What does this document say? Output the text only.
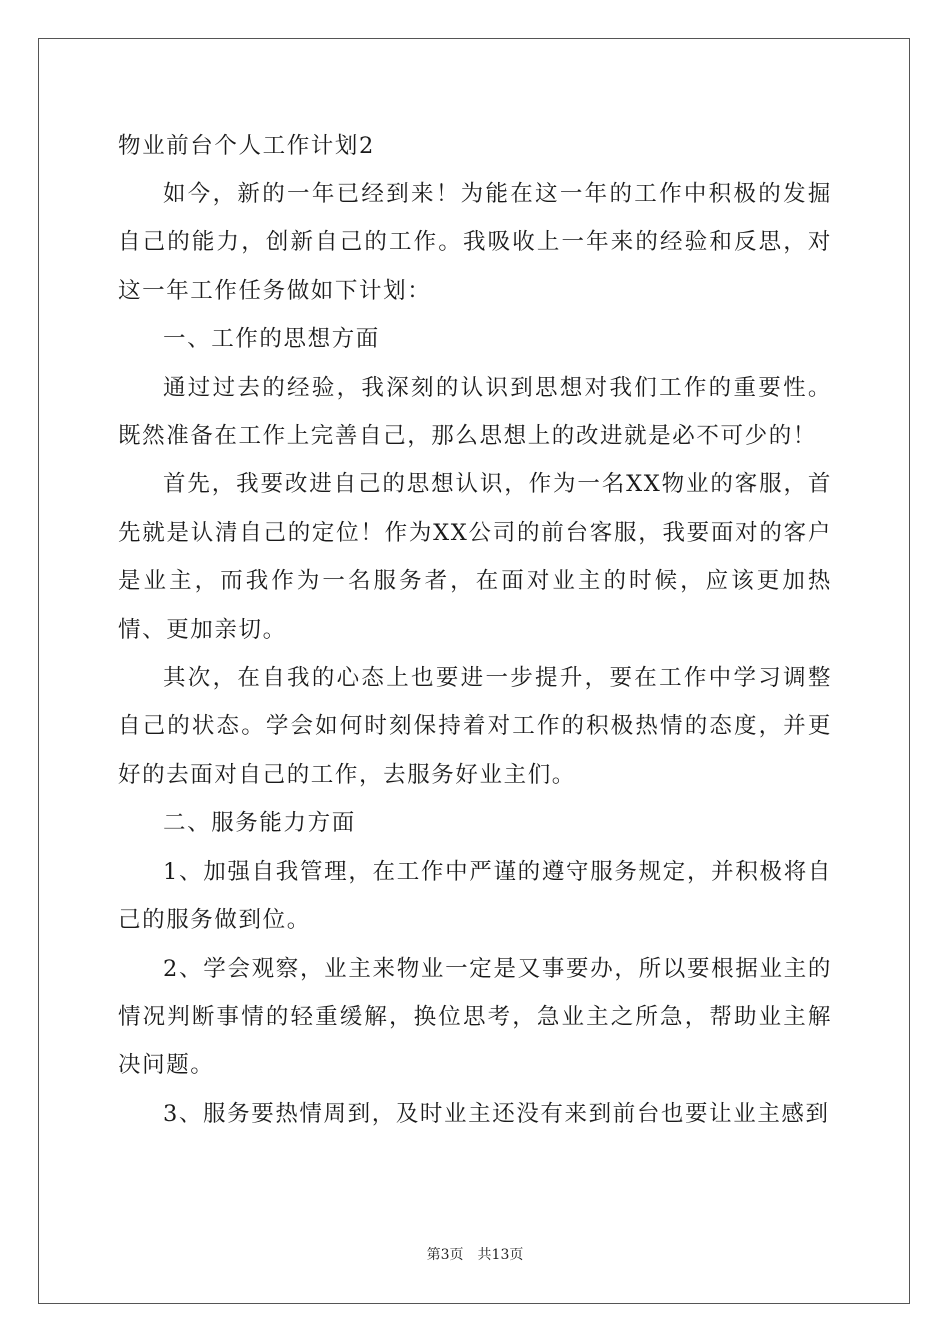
物业前台个人工作计划2

如今，新的一年已经到来！为能在这一年的工作中积极的发掘自己的能力，创新自己的工作。我吸收上一年来的经验和反思，对这一年工作任务做如下计划：

一、工作的思想方面

通过过去的经验，我深刻的认识到思想对我们工作的重要性。既然准备在工作上完善自己，那么思想上的改进就是必不可少的！

首先，我要改进自己的思想认识，作为一名XX物业的客服，首先就是认清自己的定位！作为XX公司的前台客服，我要面对的客户是业主，而我作为一名服务者，在面对业主的时候，应该更加热情、更加亲切。

其次，在自我的心态上也要进一步提升，要在工作中学习调整自己的状态。学会如何时刻保持着对工作的积极热情的态度，并更好的去面对自己的工作，去服务好业主们。

二、服务能力方面

1、加强自我管理，在工作中严谨的遵守服务规定，并积极将自己的服务做到位。

2、学会观察，业主来物业一定是又事要办，所以要根据业主的情况判断事情的轻重缓解，换位思考，急业主之所急，帮助业主解决问题。

3、服务要热情周到，及时业主还没有来到前台也要让业主感到

第3页 共13页
